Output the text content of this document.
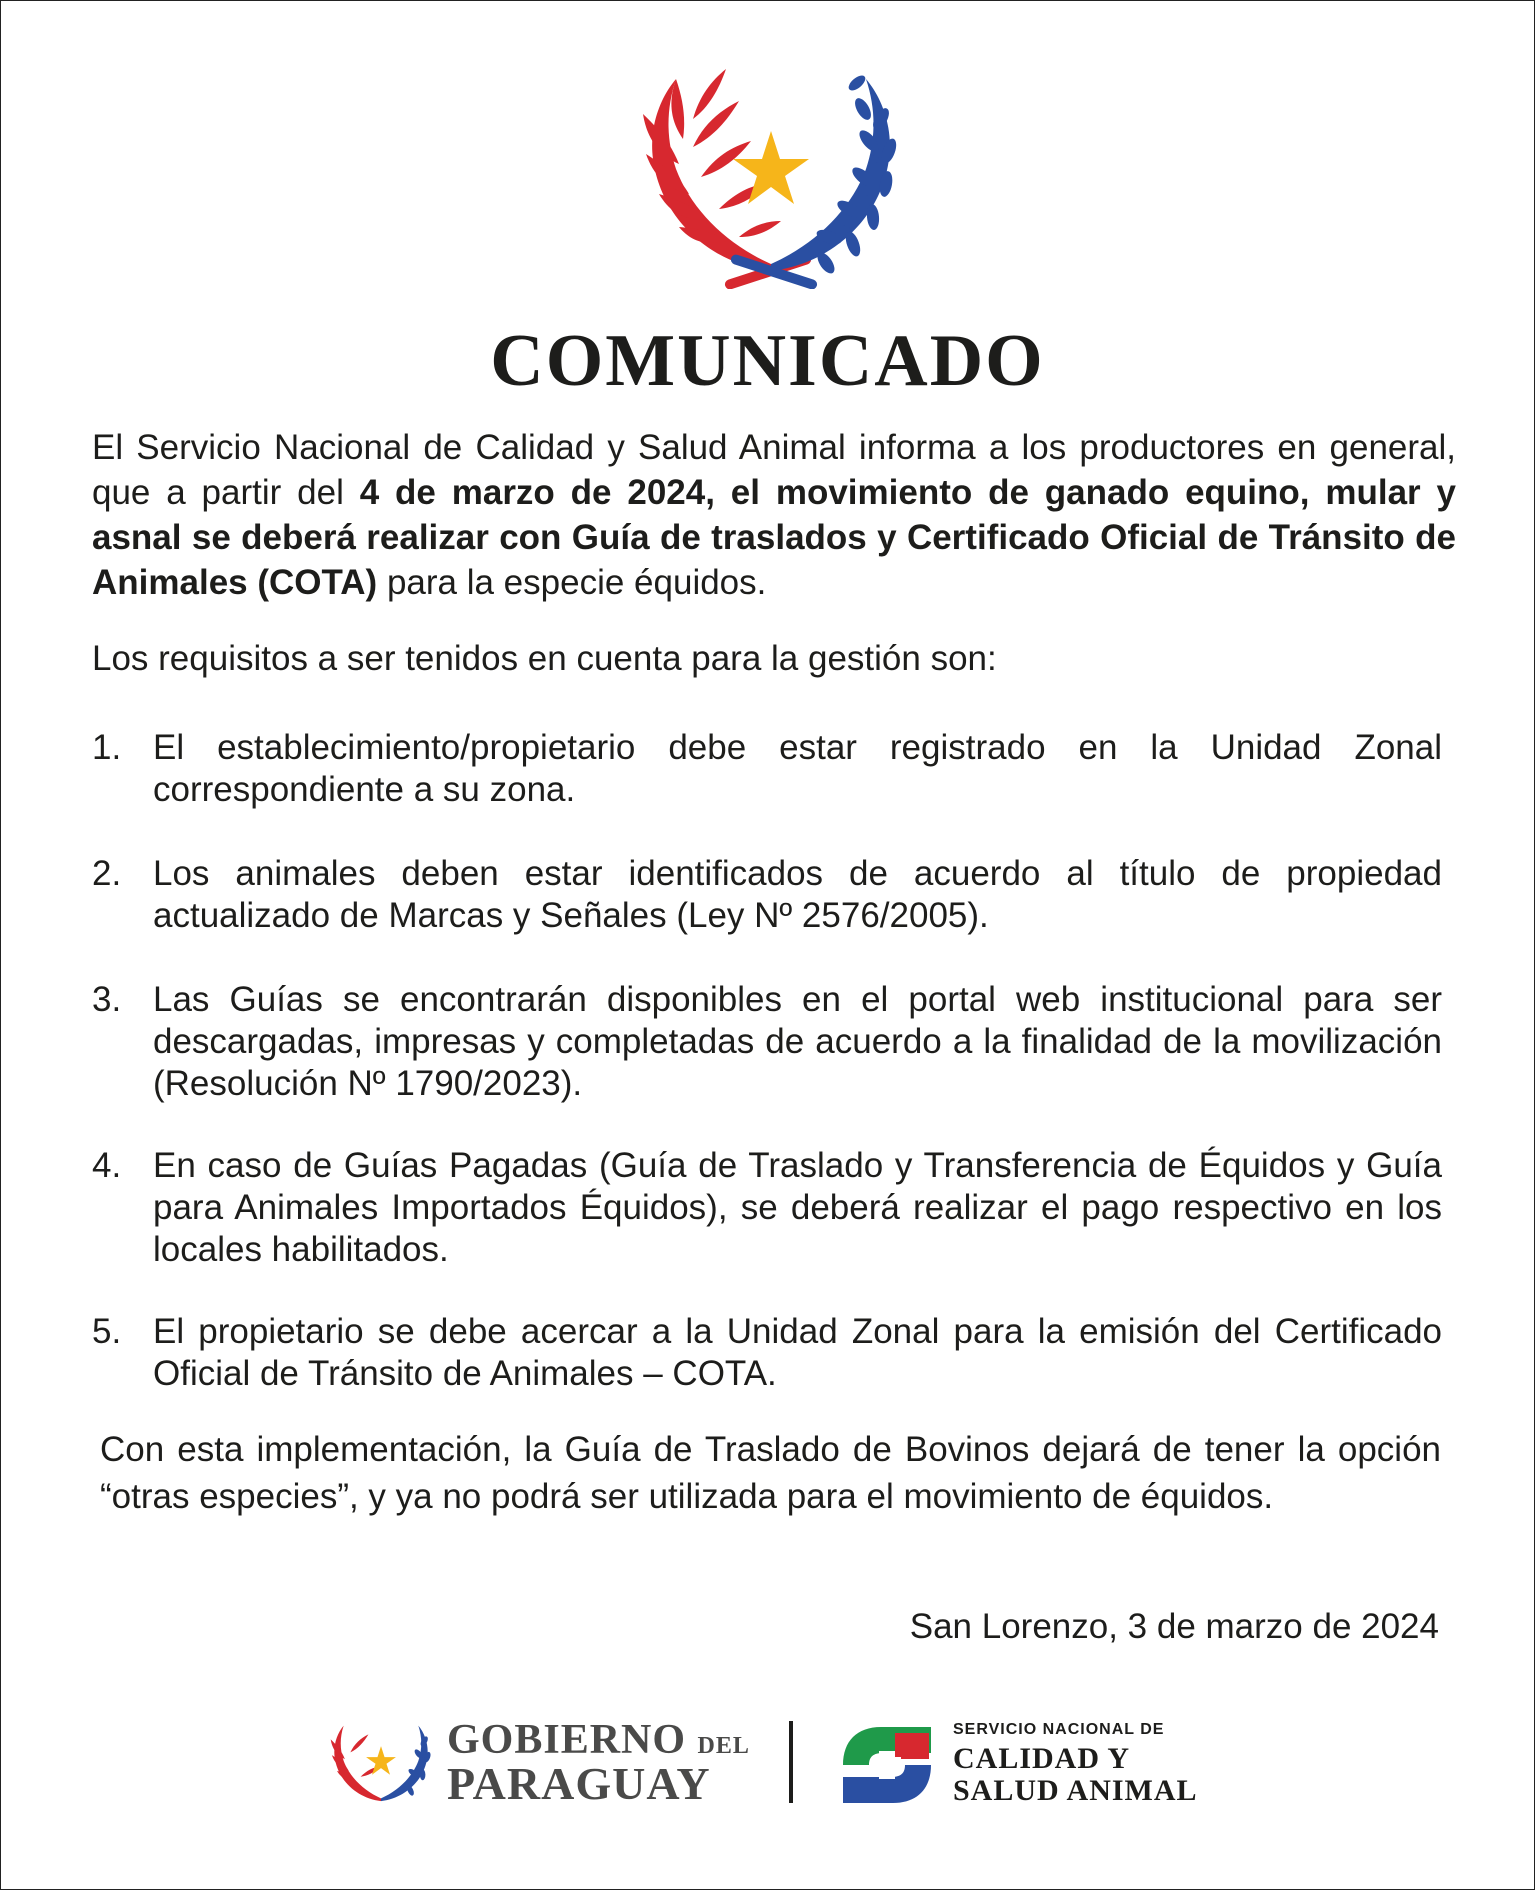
COMUNICADO

El Servicio Nacional de Calidad y Salud Animal informa a los productores en general, que a partir del 4 de marzo de 2024, el movimiento de ganado equino, mular y asnal se deberá realizar con Guía de traslados y Certificado Oficial de Tránsito de Animales (COTA) para la especie équidos.

Los requisitos a ser tenidos en cuenta para la gestión son:

1. El establecimiento/propietario debe estar registrado en la Unidad Zonal correspondiente a su zona.
2. Los animales deben estar identificados de acuerdo al título de propiedad actualizado de Marcas y Señales (Ley Nº 2576/2005).
3. Las Guías se encontrarán disponibles en el portal web institucional para ser descargadas, impresas y completadas de acuerdo a la finalidad de la movilización (Resolución Nº 1790/2023).
4. En caso de Guías Pagadas (Guía de Traslado y Transferencia de Équidos y Guía para Animales Importados Équidos), se deberá realizar el pago respectivo en los locales habilitados.
5. El propietario se debe acercar a la Unidad Zonal para la emisión del Certificado Oficial de Tránsito de Animales – COTA.

Con esta implementación, la Guía de Traslado de Bovinos dejará de tener la opción “otras especies”, y ya no podrá ser utilizada para el movimiento de équidos.

San Lorenzo, 3 de marzo de 2024
GOBIERNO DEL
PARAGUAY
SERVICIO NACIONAL DE
CALIDAD Y
SALUD ANIMAL
